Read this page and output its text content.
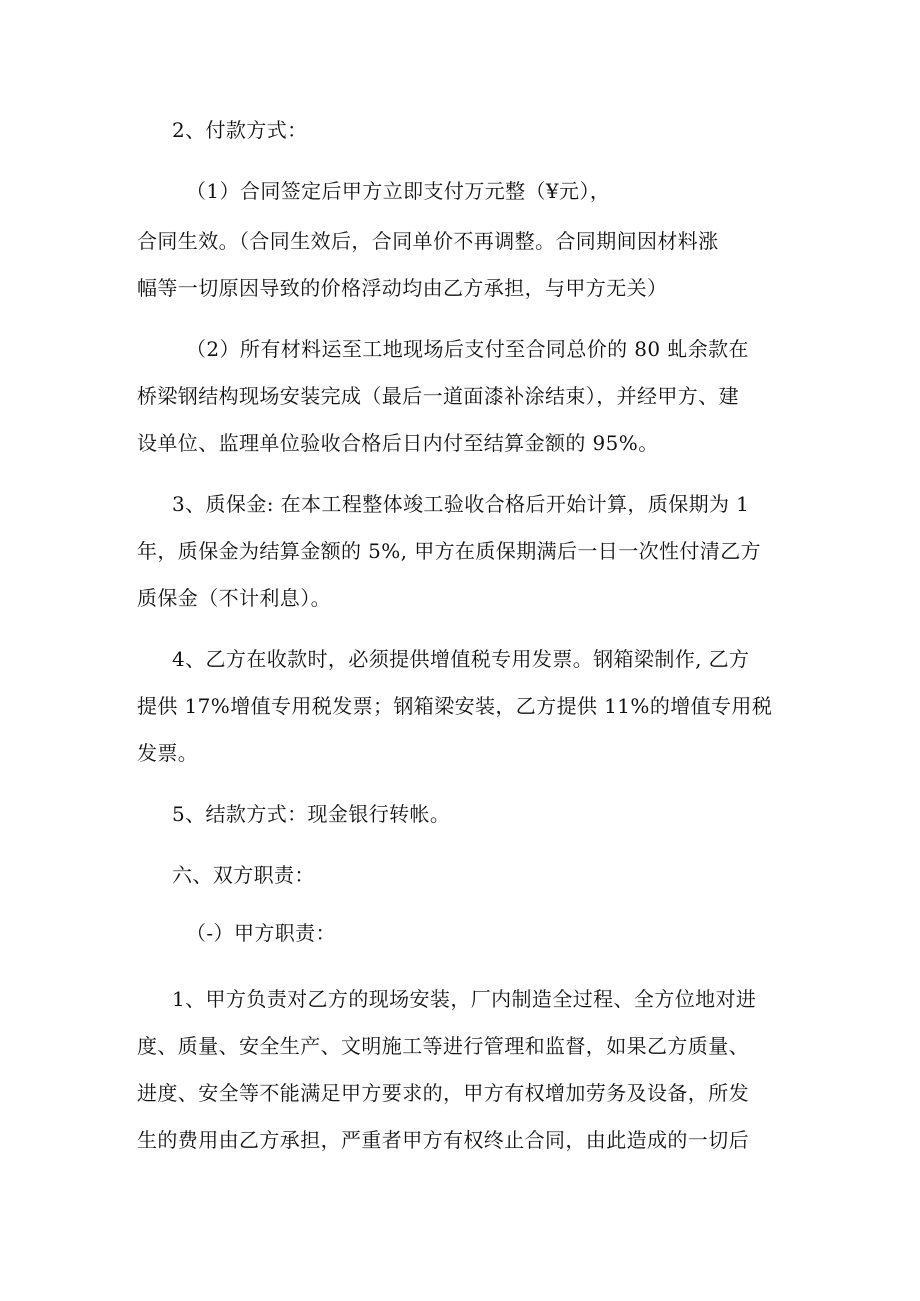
2、付款方式：
（1）合同签定后甲方立即支付万元整（¥元），
合同生效。（合同生效后，合同单价不再调整。合同期间因材料涨
幅等一切原因导致的价格浮动均由乙方承担，与甲方无关）
（2）所有材料运至工地现场后支付至合同总价的 80 虬余款在
桥梁钢结构现场安装完成（最后一道面漆补涂结束），并经甲方、建
设单位、监理单位验收合格后日内付至结算金额的 95%。
3、质保金: 在本工程整体竣工验收合格后开始计算，质保期为 1
年，质保金为结算金额的 5%, 甲方在质保期满后一日一次性付清乙方
质保金（不计利息）。
4、乙方在收款时，必须提供增值税专用发票。钢箱梁制作, 乙方
提供 17%增值专用税发票；钢箱梁安装，乙方提供 11%的增值专用税
发票。
5、结款方式：现金银行转帐。
六、双方职责：
（-）甲方职责：
1、甲方负责对乙方的现场安装，厂内制造全过程、全方位地对进
度、质量、安全生产、文明施工等进行管理和监督，如果乙方质量、
进度、安全等不能满足甲方要求的，甲方有权增加劳务及设备，所发
生的费用由乙方承担，严重者甲方有权终止合同，由此造成的一切后
